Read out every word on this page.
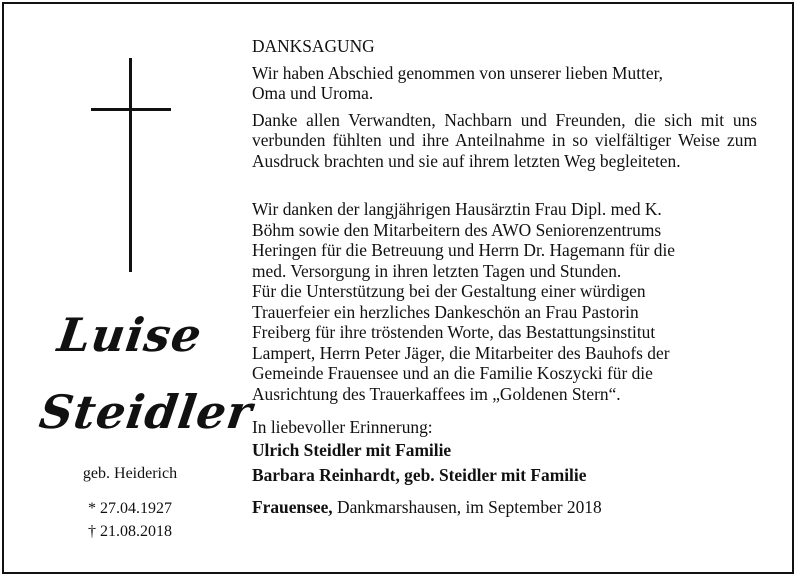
Luise
Steidler
geb. Heiderich
* 27.04.1927
† 21.08.2018

DANKSAGUNG

Wir haben Abschied genommen von unserer lieben Mutter,
Oma und Uroma.

Danke allen Verwandten, Nachbarn und Freunden, die sich mit uns verbunden fühlten und ihre Anteilnahme in so vielfältiger Weise zum Ausdruck brachten und sie auf ihrem letzten Weg begleiteten.

Wir danken der langjährigen Hausärztin Frau Dipl. med K.
Böhm sowie den Mitarbeitern des AWO Seniorenzentrums
Heringen für die Betreuung und Herrn Dr. Hagemann für die
med. Versorgung in ihren letzten Tagen und Stunden.
Für die Unterstützung bei der Gestaltung einer würdigen
Trauerfeier ein herzliches Dankeschön an Frau Pastorin
Freiberg für ihre tröstenden Worte, das Bestattungsinstitut
Lampert, Herrn Peter Jäger, die Mitarbeiter des Bauhofs der
Gemeinde Frauensee und an die Familie Koszycki für die
Ausrichtung des Trauerkaffees im „Goldenen Stern“.

In liebevoller Erinnerung:

Ulrich Steidler mit Familie

Barbara Reinhardt, geb. Steidler mit Familie

Frauensee, Dankmarshausen, im September 2018
